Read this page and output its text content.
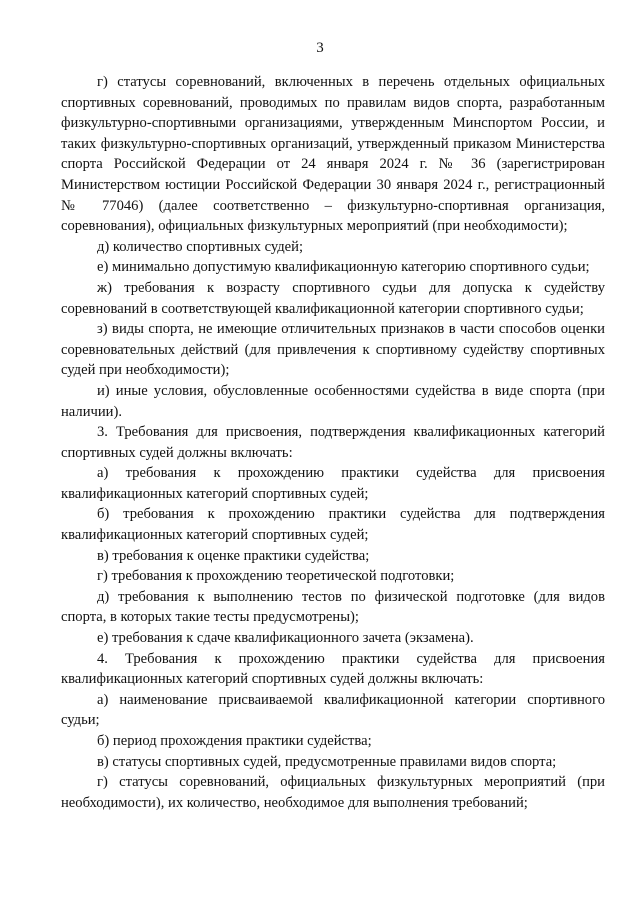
3

г) статусы соревнований, включенных в перечень отдельных официальных спортивных соревнований, проводимых по правилам видов спорта, разработанным физкультурно-спортивными организациями, утвержденным Минспортом России, и таких физкультурно-спортивных организаций, утвержденный приказом Министерства спорта Российской Федерации от 24 января 2024 г. № 36 (зарегистрирован Министерством юстиции Российской Федерации 30 января 2024 г., регистрационный № 77046) (далее соответственно – физкультурно-спортивная организация, соревнования), официальных физкультурных мероприятий (при необходимости);

д) количество спортивных судей;

е) минимально допустимую квалификационную категорию спортивного судьи;

ж) требования к возрасту спортивного судьи для допуска к судейству соревнований в соответствующей квалификационной категории спортивного судьи;

з) виды спорта, не имеющие отличительных признаков в части способов оценки соревновательных действий (для привлечения к спортивному судейству спортивных судей при необходимости);

и) иные условия, обусловленные особенностями судейства в виде спорта (при наличии).

3. Требования для присвоения, подтверждения квалификационных категорий спортивных судей должны включать:

а) требования к прохождению практики судейства для присвоения квалификационных категорий спортивных судей;

б) требования к прохождению практики судейства для подтверждения квалификационных категорий спортивных судей;

в) требования к оценке практики судейства;

г) требования к прохождению теоретической подготовки;

д) требования к выполнению тестов по физической подготовке (для видов спорта, в которых такие тесты предусмотрены);

е) требования к сдаче квалификационного зачета (экзамена).

4. Требования к прохождению практики судейства для присвоения квалификационных категорий спортивных судей должны включать:

а) наименование присваиваемой квалификационной категории спортивного судьи;

б) период прохождения практики судейства;

в) статусы спортивных судей, предусмотренные правилами видов спорта;

г) статусы соревнований, официальных физкультурных мероприятий (при необходимости), их количество, необходимое для выполнения требований;
